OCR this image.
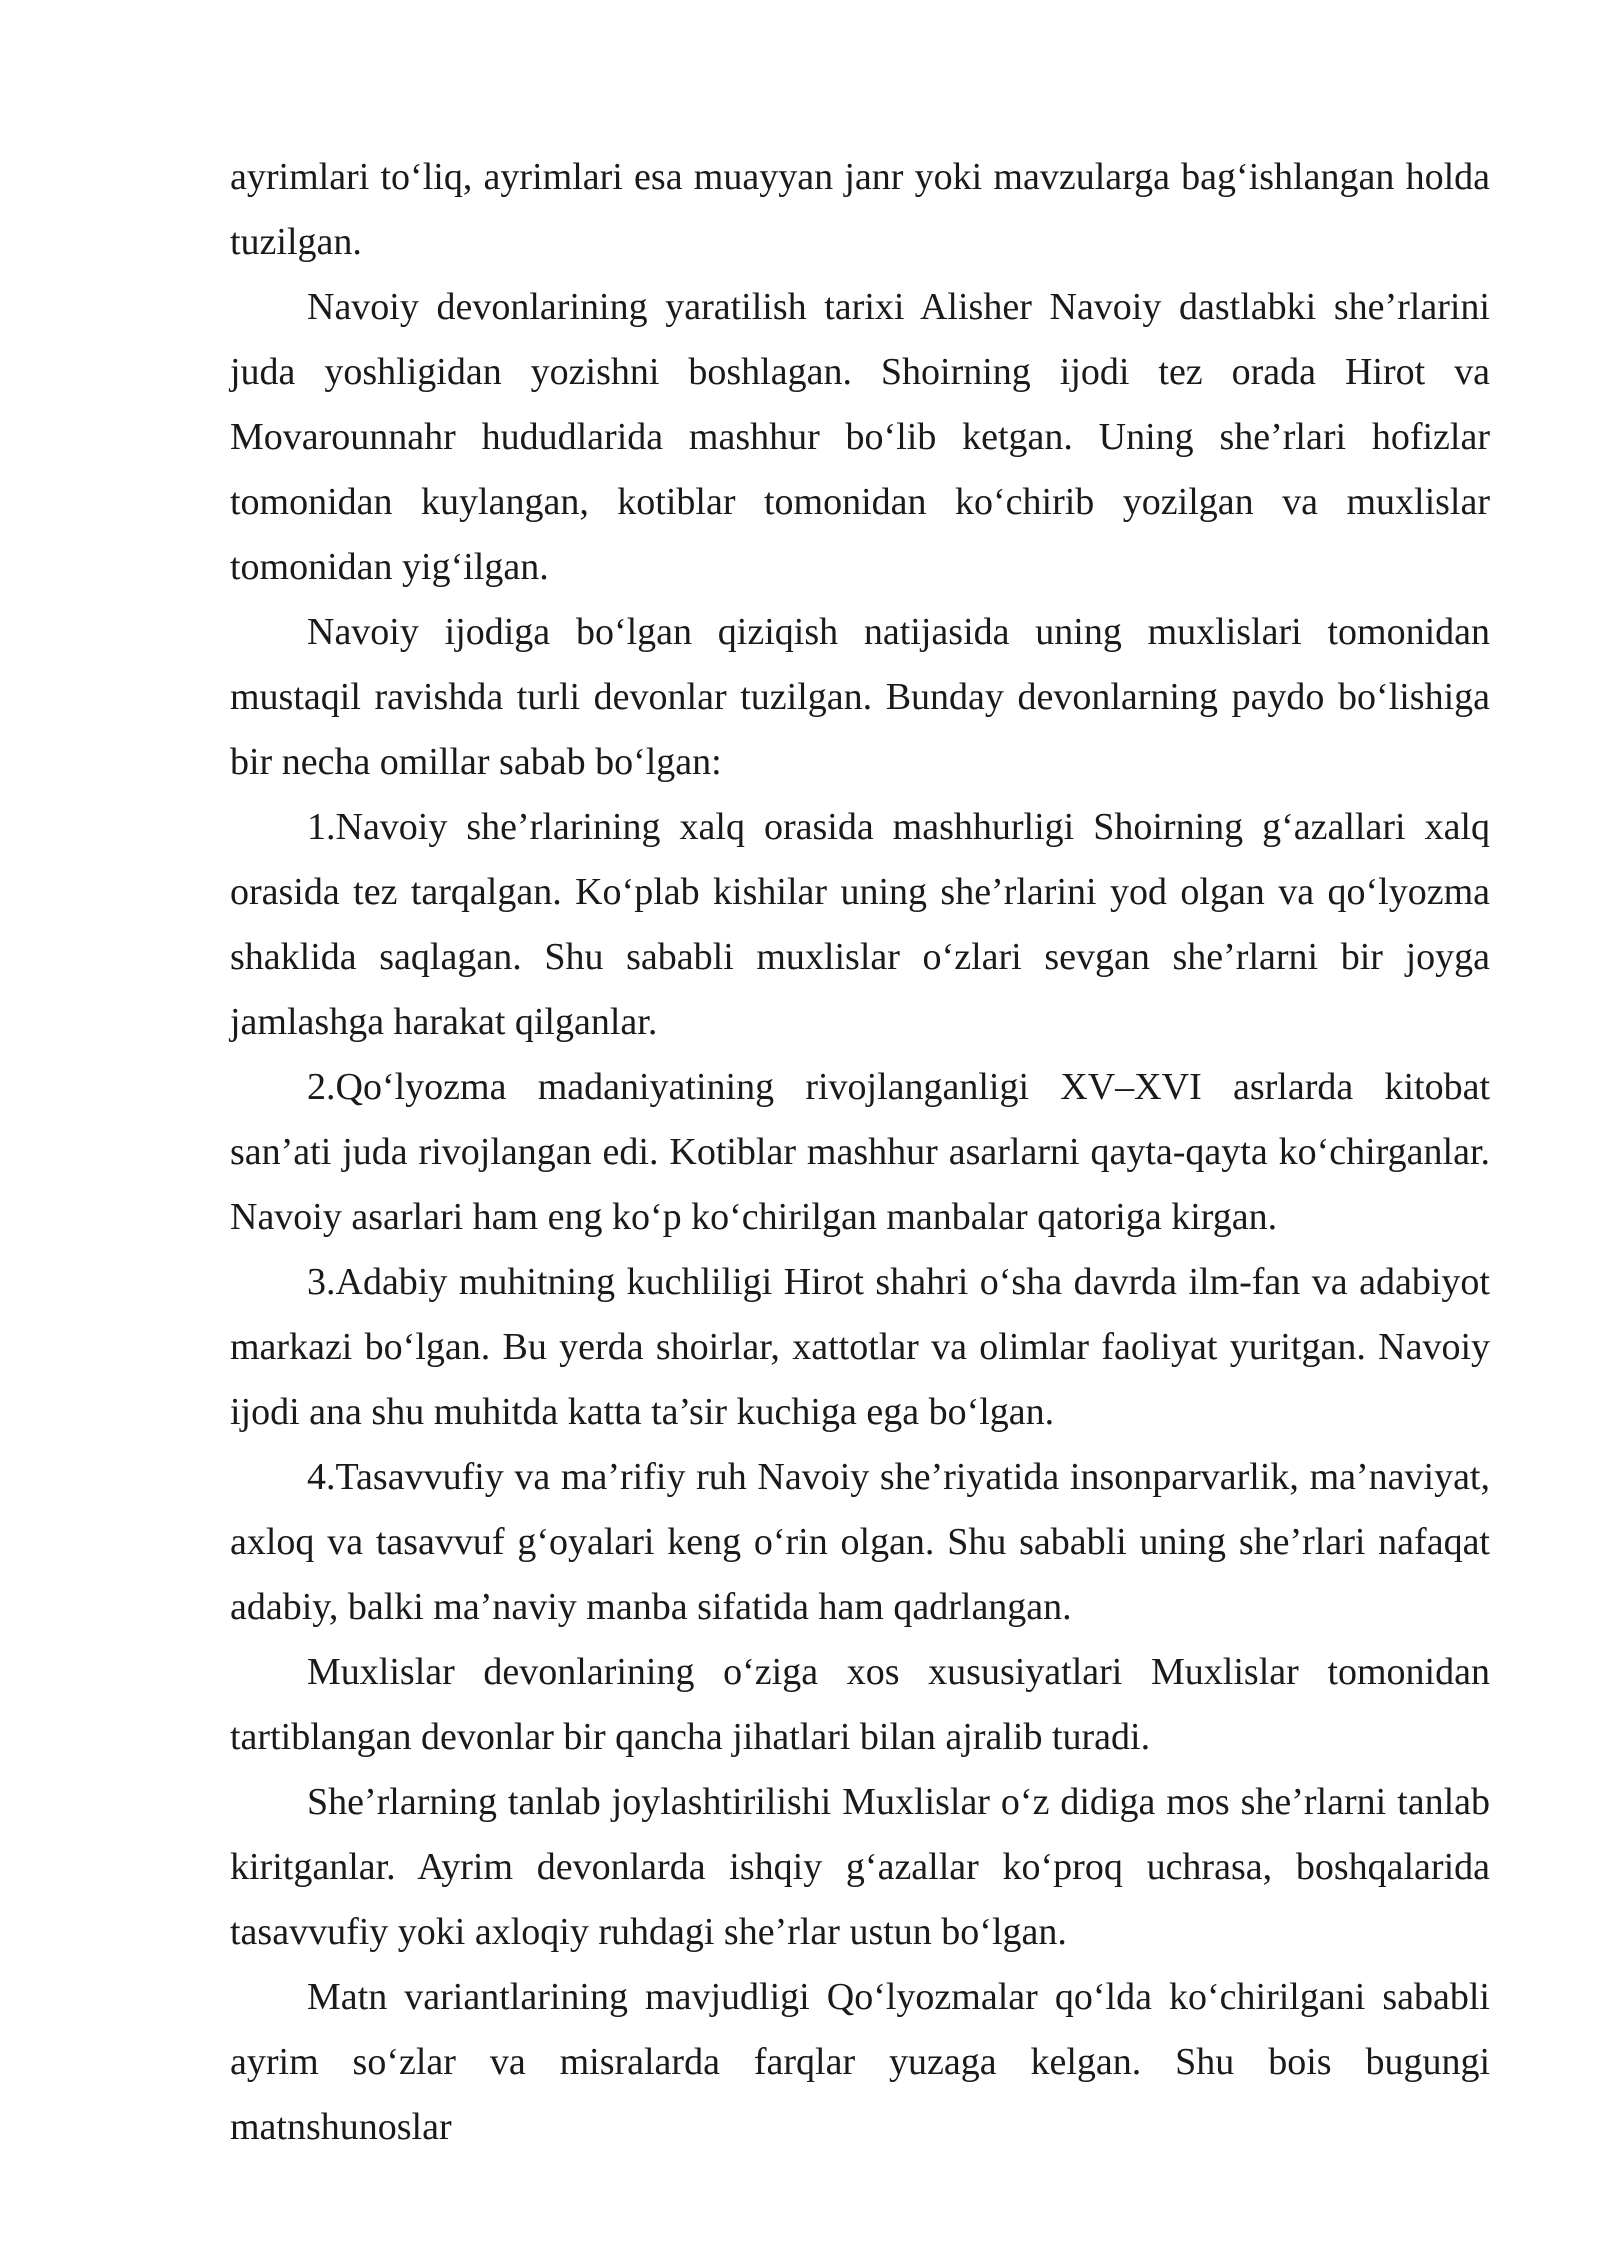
ayrimlari to‘liq, ayrimlari esa muayyan janr yoki mavzularga bag‘ishlangan holda tuzilgan.

Navoiy devonlarining yaratilish tarixi Alisher Navoiy dastlabki she’rlarini juda yoshligidan yozishni boshlagan. Shoirning ijodi tez orada Hirot va Movarounnahr hududlarida mashhur bo‘lib ketgan. Uning she’rlari hofizlar tomonidan kuylangan, kotiblar tomonidan ko‘chirib yozilgan va muxlislar tomonidan yig‘ilgan.

Navoiy ijodiga bo‘lgan qiziqish natijasida uning muxlislari tomonidan mustaqil ravishda turli devonlar tuzilgan. Bunday devonlarning paydo bo‘lishiga bir necha omillar sabab bo‘lgan:

1.Navoiy she’rlarining xalq orasida mashhurligi Shoirning g‘azallari xalq orasida tez tarqalgan. Ko‘plab kishilar uning she’rlarini yod olgan va qo‘lyozma shaklida saqlagan. Shu sababli muxlislar o‘zlari sevgan she’rlarni bir joyga jamlashga harakat qilganlar.

2.Qo‘lyozma madaniyatining rivojlanganligi XV–XVI asrlarda kitobat san’ati juda rivojlangan edi. Kotiblar mashhur asarlarni qayta-qayta ko‘chirganlar. Navoiy asarlari ham eng ko‘p ko‘chirilgan manbalar qatoriga kirgan.

3.Adabiy muhitning kuchliligi Hirot shahri o‘sha davrda ilm-fan va adabiyot markazi bo‘lgan. Bu yerda shoirlar, xattotlar va olimlar faoliyat yuritgan. Navoiy ijodi ana shu muhitda katta ta’sir kuchiga ega bo‘lgan.

4.Tasavvufiy va ma’rifiy ruh Navoiy she’riyatida insonparvarlik, ma’naviyat, axloq va tasavvuf g‘oyalari keng o‘rin olgan. Shu sababli uning she’rlari nafaqat adabiy, balki ma’naviy manba sifatida ham qadrlangan.

Muxlislar devonlarining o‘ziga xos xususiyatlari Muxlislar tomonidan tartiblangan devonlar bir qancha jihatlari bilan ajralib turadi.

She’rlarning tanlab joylashtirilishi Muxlislar o‘z didiga mos she’rlarni tanlab kiritganlar. Ayrim devonlarda ishqiy g‘azallar ko‘proq uchrasa, boshqalarida tasavvufiy yoki axloqiy ruhdagi she’rlar ustun bo‘lgan.

Matn variantlarining mavjudligi Qo‘lyozmalar qo‘lda ko‘chirilgani sababli ayrim so‘zlar va misralarda farqlar yuzaga kelgan. Shu bois bugungi matnshunoslar
